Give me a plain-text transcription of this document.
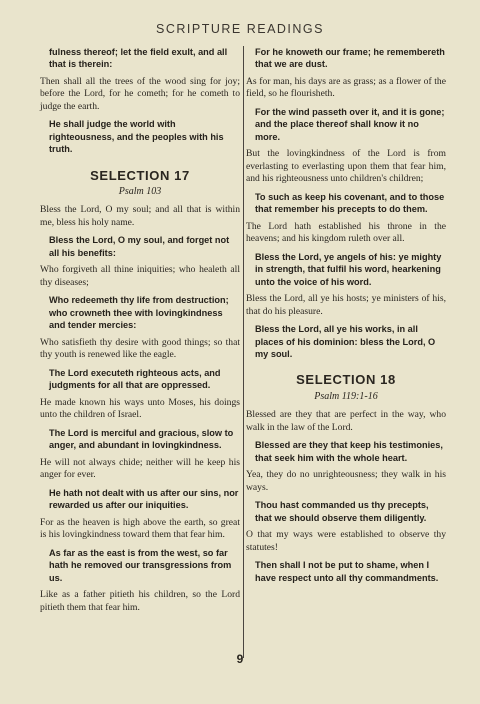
SCRIPTURE READINGS

fulness thereof; let the field exult, and all that is therein:

Then shall all the trees of the wood sing for joy; before the Lord, for he cometh; for he cometh to judge the earth.

He shall judge the world with righteousness, and the peoples with his truth.

SELECTION 17

Psalm 103

Bless the Lord, O my soul; and all that is within me, bless his holy name.

Bless the Lord, O my soul, and forget not all his benefits:

Who forgiveth all thine iniquities; who healeth all thy diseases;

Who redeemeth thy life from destruction; who crowneth thee with lovingkindness and tender mercies:

Who satisfieth thy desire with good things; so that thy youth is renewed like the eagle.

The Lord executeth righteous acts, and judgments for all that are oppressed.

He made known his ways unto Moses, his doings unto the children of Israel.

The Lord is merciful and gracious, slow to anger, and abundant in lovingkindness.

He will not always chide; neither will he keep his anger for ever.

He hath not dealt with us after our sins, nor rewarded us after our iniquities.

For as the heaven is high above the earth, so great is his lovingkindness toward them that fear him.

As far as the east is from the west, so far hath he removed our transgressions from us.

Like as a father pitieth his children, so the Lord pitieth them that fear him.

For he knoweth our frame; he remembereth that we are dust.

As for man, his days are as grass; as a flower of the field, so he flourisheth.

For the wind passeth over it, and it is gone; and the place thereof shall know it no more.

But the lovingkindness of the Lord is from everlasting to everlasting upon them that fear him, and his righteousness unto children's children;

To such as keep his covenant, and to those that remember his precepts to do them.

The Lord hath established his throne in the heavens; and his kingdom ruleth over all.

Bless the Lord, ye angels of his: ye mighty in strength, that fulfil his word, hearkening unto the voice of his word.

Bless the Lord, all ye his hosts; ye ministers of his, that do his pleasure.

Bless the Lord, all ye his works, in all places of his dominion: bless the Lord, O my soul.

SELECTION 18

Psalm 119:1-16

Blessed are they that are perfect in the way, who walk in the law of the Lord.

Blessed are they that keep his testimonies, that seek him with the whole heart.

Yea, they do no unrighteousness; they walk in his ways.

Thou hast commanded us thy precepts, that we should observe them diligently.

O that my ways were established to observe thy statutes!

Then shall I not be put to shame, when I have respect unto all thy commandments.

9
